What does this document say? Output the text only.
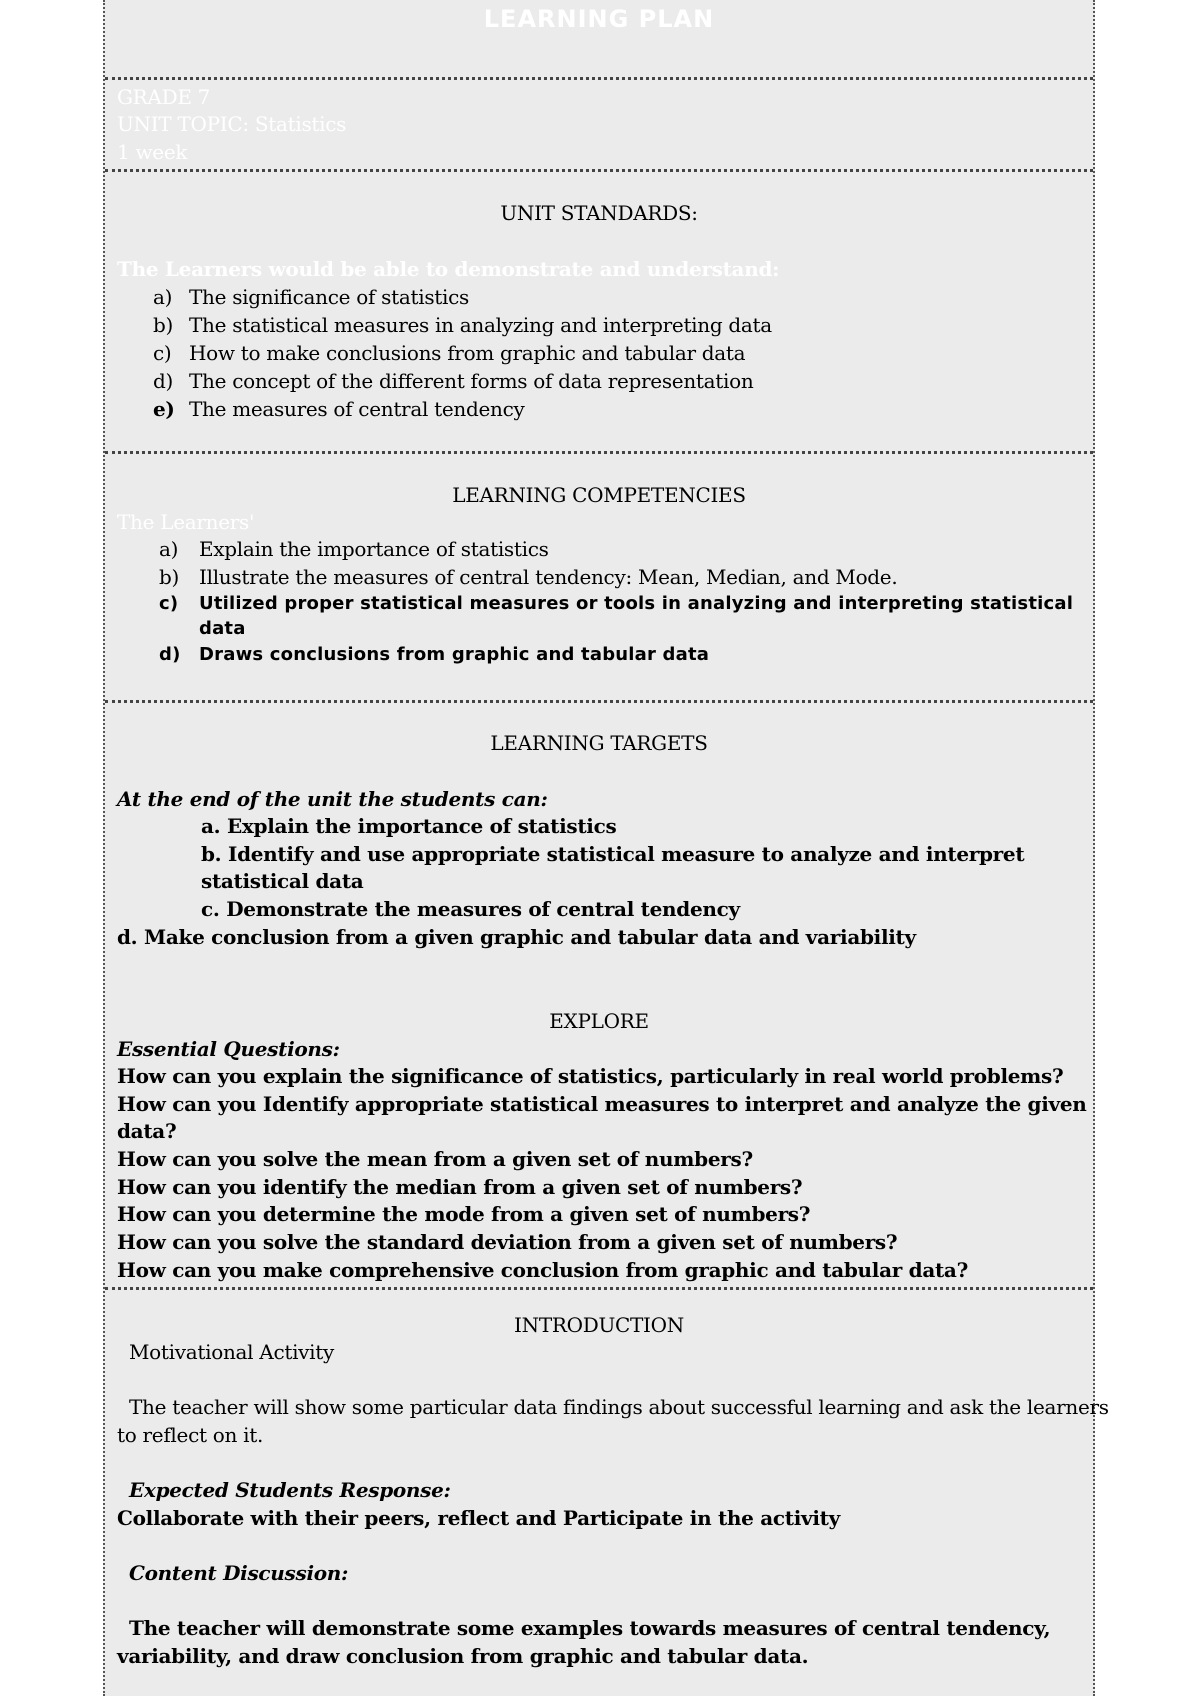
LEARNING PLAN
GRADE 7
UNIT TOPIC: Statistics
1 week
UNIT STANDARDS:
The Learners would be able to demonstrate and understand:
a) The significance of statistics
b) The statistical measures in analyzing and interpreting data
c) How to make conclusions from graphic and tabular data
d) The concept of the different forms of data representation
e) The measures of central tendency
LEARNING COMPETENCIES
The Learners'
a) Explain the importance of statistics
b) Illustrate the measures of central tendency: Mean, Median, and Mode.
c) Utilized proper statistical measures or tools in analyzing and interpreting statistical
data
d) Draws conclusions from graphic and tabular data
LEARNING TARGETS
At the end of the unit the students can:
a. Explain the importance of statistics
b. Identify and use appropriate statistical measure to analyze and interpret
statistical data
c. Demonstrate the measures of central tendency
d. Make conclusion from a given graphic and tabular data and variability
EXPLORE
Essential Questions:
How can you explain the significance of statistics, particularly in real world problems?
How can you Identify appropriate statistical measures to interpret and analyze the given
data?
How can you solve the mean from a given set of numbers?
How can you identify the median from a given set of numbers?
How can you determine the mode from a given set of numbers?
How can you solve the standard deviation from a given set of numbers?
How can you make comprehensive conclusion from graphic and tabular data?
INTRODUCTION
Motivational Activity
The teacher will show some particular data findings about successful learning and ask the learners
to reflect on it.
Expected Students Response:
Collaborate with their peers, reflect and Participate in the activity
Content Discussion:
The teacher will demonstrate some examples towards measures of central tendency,
variability, and draw conclusion from graphic and tabular data.
